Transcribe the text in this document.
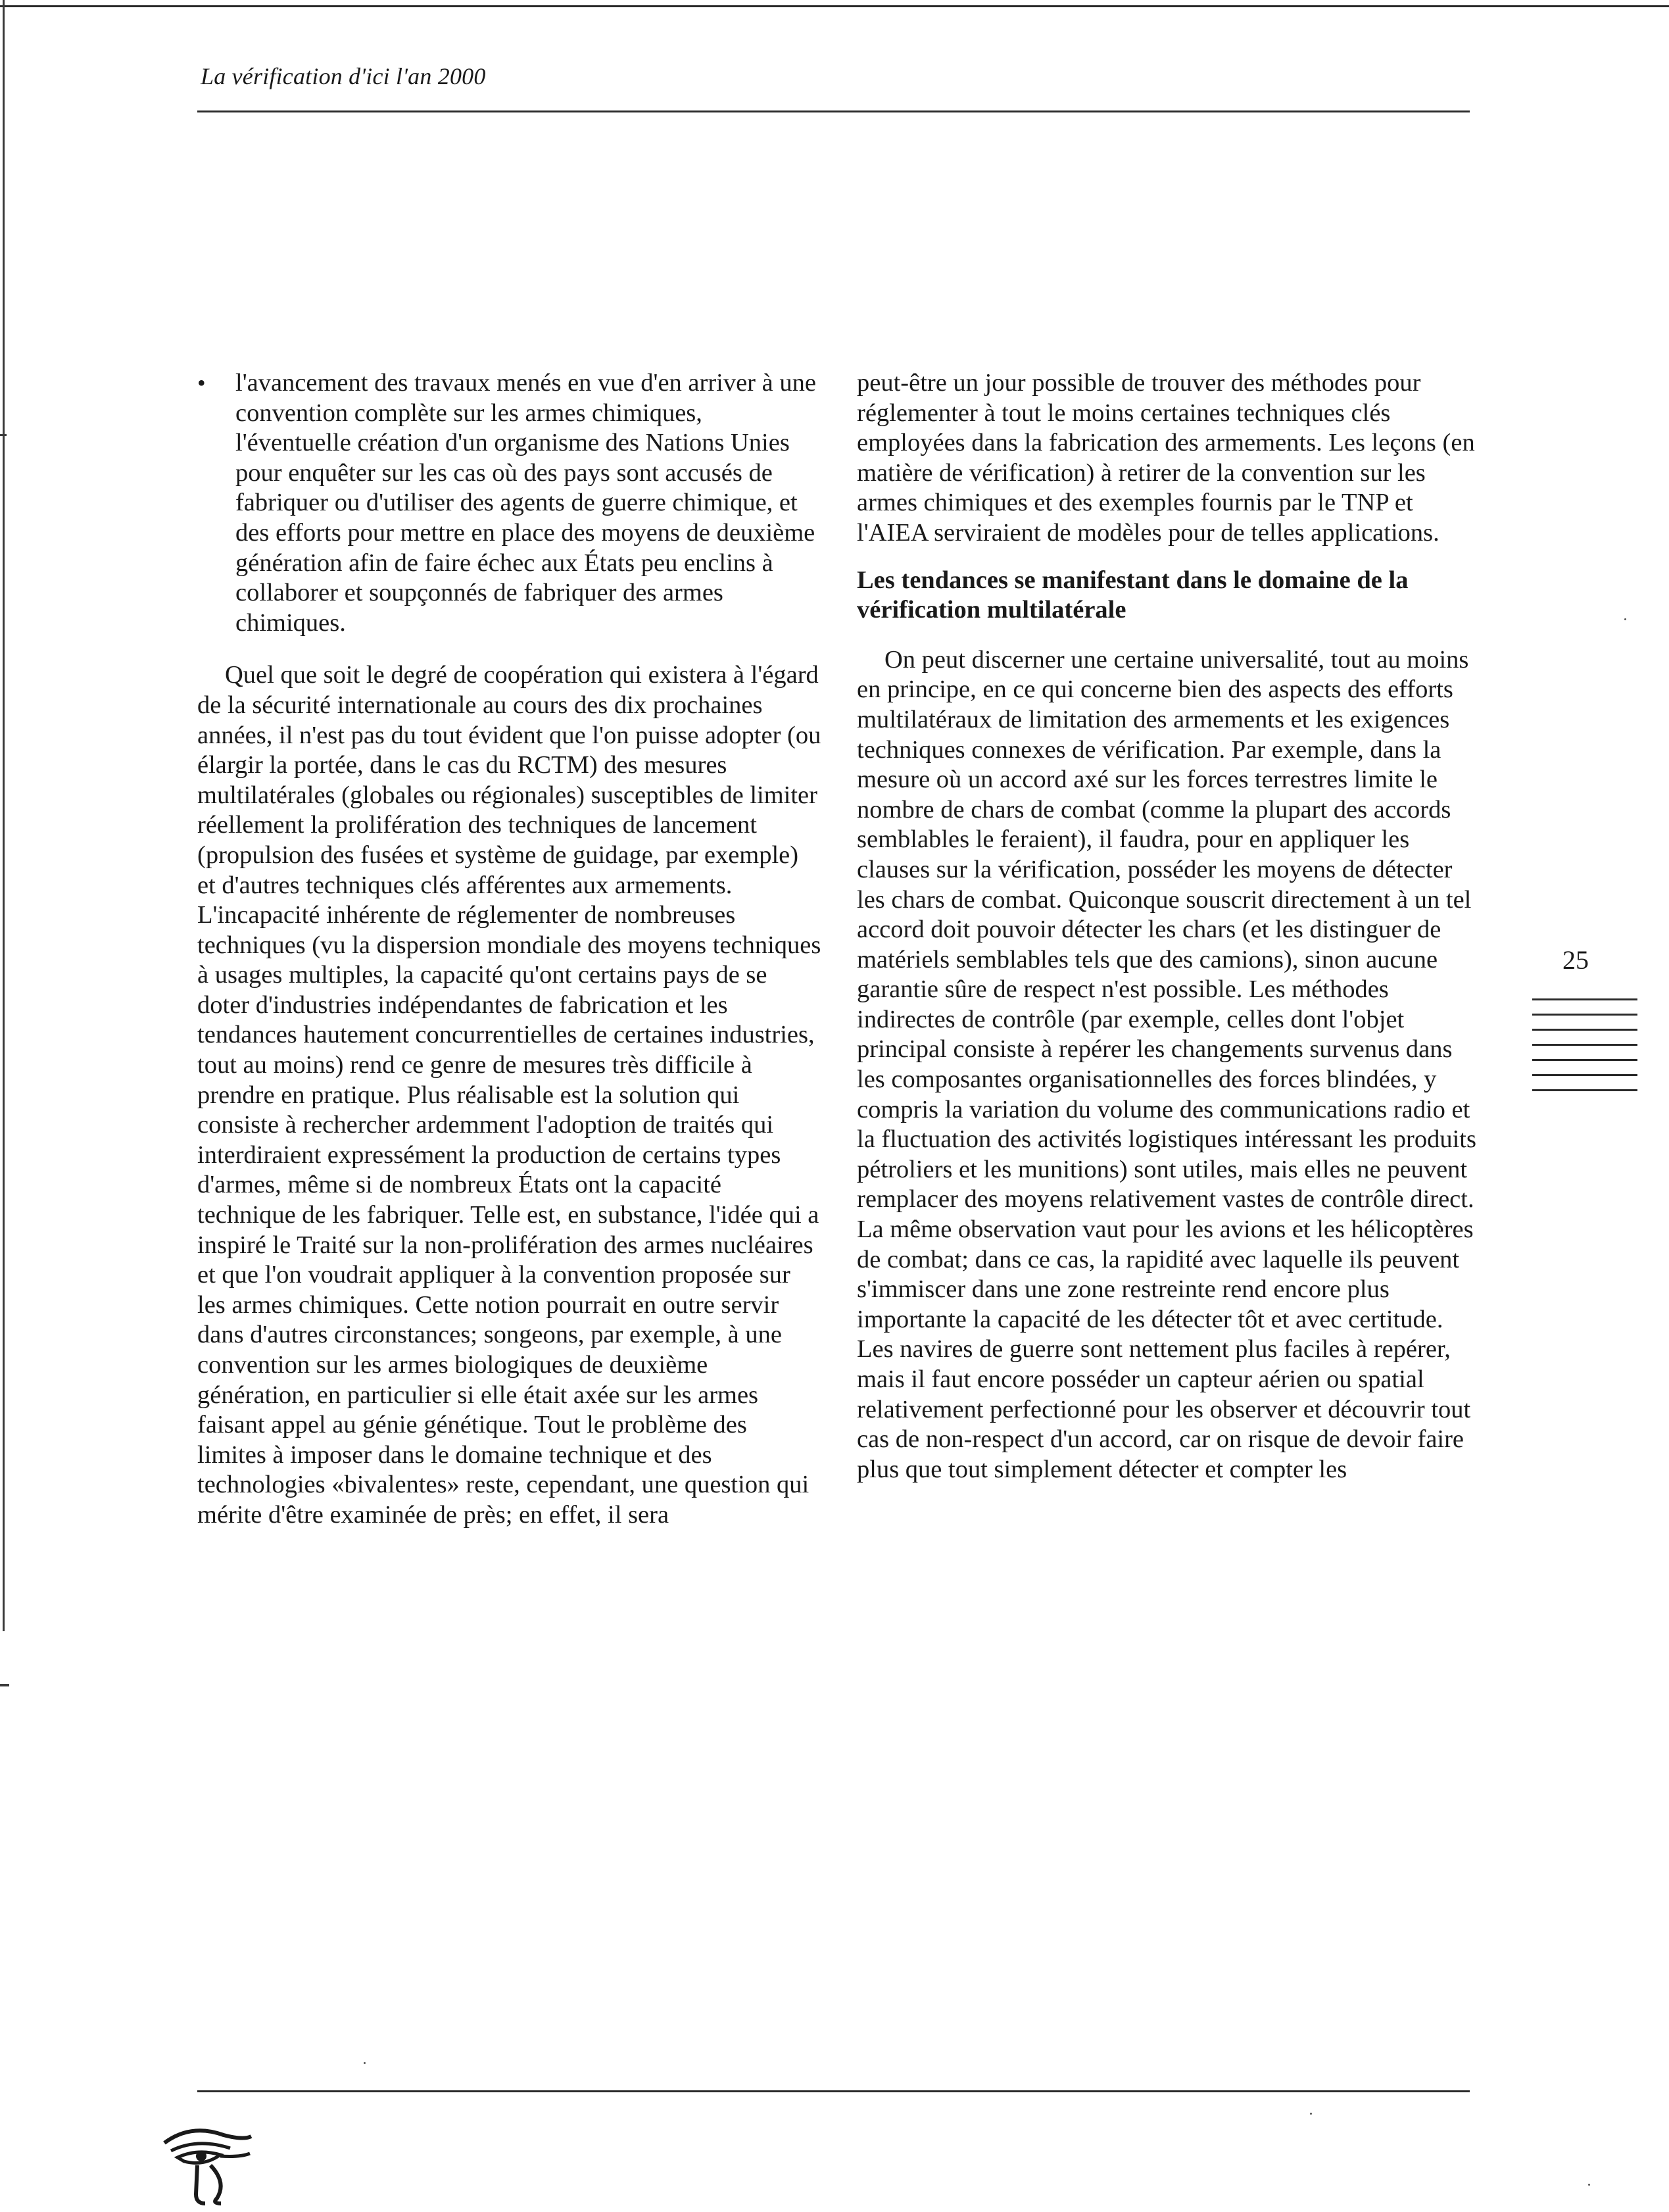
La vérification d'ici l'an 2000
• l'avancement des travaux menés en vue d'en arriver à une convention complète sur les armes chimiques, l'éventuelle création d'un organisme des Nations Unies pour enquêter sur les cas où des pays sont accusés de fabriquer ou d'utiliser des agents de guerre chimique, et des efforts pour mettre en place des moyens de deuxième génération afin de faire échec aux États peu enclins à collaborer et soupçonnés de fabriquer des armes chimiques.

Quel que soit le degré de coopération qui existera à l'égard de la sécurité internationale au cours des dix prochaines années, il n'est pas du tout évident que l'on puisse adopter (ou élargir la portée, dans le cas du RCTM) des mesures multilatérales (globales ou régionales) susceptibles de limiter réellement la prolifération des techniques de lancement (propulsion des fusées et système de guidage, par exemple) et d'autres techniques clés afférentes aux armements. L'incapacité inhérente de réglementer de nombreuses techniques (vu la dispersion mondiale des moyens techniques à usages multiples, la capacité qu'ont certains pays de se doter d'industries indépendantes de fabrication et les tendances hautement concurrentielles de certaines industries, tout au moins) rend ce genre de mesures très difficile à prendre en pratique. Plus réalisable est la solution qui consiste à rechercher ardemment l'adoption de traités qui interdiraient expressément la production de certains types d'armes, même si de nombreux États ont la capacité technique de les fabriquer. Telle est, en substance, l'idée qui a inspiré le Traité sur la non-prolifération des armes nucléaires et que l'on voudrait appliquer à la convention proposée sur les armes chimiques. Cette notion pourrait en outre servir dans d'autres circonstances; songeons, par exemple, à une convention sur les armes biologiques de deuxième génération, en particulier si elle était axée sur les armes faisant appel au génie génétique. Tout le problème des limites à imposer dans le domaine technique et des technologies «bivalentes» reste, cependant, une question qui mérite d'être examinée de près; en effet, il sera

peut-être un jour possible de trouver des méthodes pour réglementer à tout le moins certaines techniques clés employées dans la fabrication des armements. Les leçons (en matière de vérification) à retirer de la convention sur les armes chimiques et des exemples fournis par le TNP et l'AIEA serviraient de modèles pour de telles applications.

Les tendances se manifestant dans le domaine de la vérification multilatérale

On peut discerner une certaine universalité, tout au moins en principe, en ce qui concerne bien des aspects des efforts multilatéraux de limitation des armements et les exigences techniques connexes de vérification. Par exemple, dans la mesure où un accord axé sur les forces terrestres limite le nombre de chars de combat (comme la plupart des accords semblables le feraient), il faudra, pour en appliquer les clauses sur la vérification, posséder les moyens de détecter les chars de combat. Quiconque souscrit directement à un tel accord doit pouvoir détecter les chars (et les distinguer de matériels semblables tels que des camions), sinon aucune garantie sûre de respect n'est possible. Les méthodes indirectes de contrôle (par exemple, celles dont l'objet principal consiste à repérer les changements survenus dans les composantes organisationnelles des forces blindées, y compris la variation du volume des communications radio et la fluctuation des activités logistiques intéressant les produits pétroliers et les munitions) sont utiles, mais elles ne peuvent remplacer des moyens relativement vastes de contrôle direct. La même observation vaut pour les avions et les hélicoptères de combat; dans ce cas, la rapidité avec laquelle ils peuvent s'immiscer dans une zone restreinte rend encore plus importante la capacité de les détecter tôt et avec certitude. Les navires de guerre sont nettement plus faciles à repérer, mais il faut encore posséder un capteur aérien ou spatial relativement perfectionné pour les observer et découvrir tout cas de non-respect d'un accord, car on risque de devoir faire plus que tout simplement détecter et compter les

25
